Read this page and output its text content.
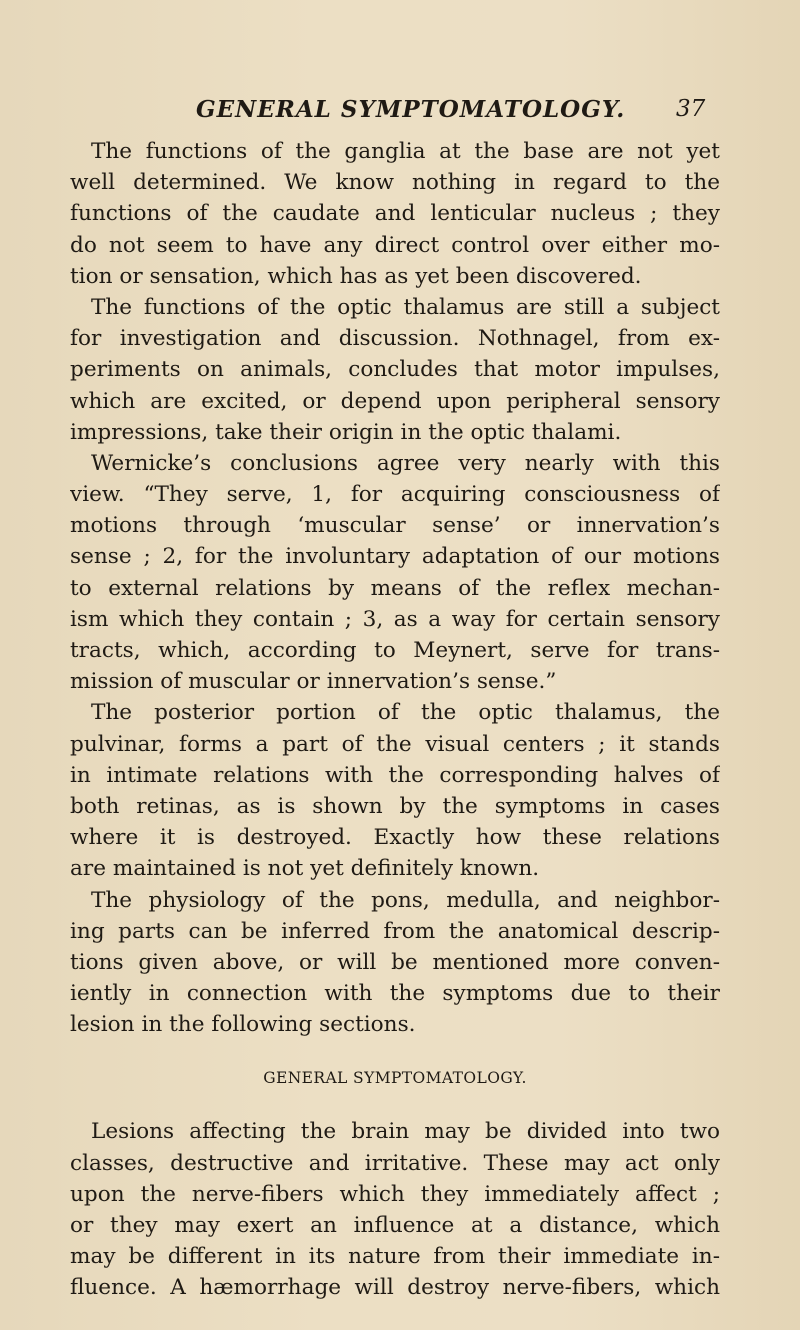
GENERAL SYMPTOMATOLOGY.	37
The functions of the ganglia at the base are not yet
well determined. We know nothing in regard to the
functions of the caudate and lenticular nucleus ; they
do not seem to have any direct control over either mo-
tion or sensation, which has as yet been discovered.
The functions of the optic thalamus are still a subject
for investigation and discussion. Nothnagel, from ex-
periments on animals, concludes that motor impulses,
which are excited, or depend upon peripheral sensory
impressions, take their origin in the optic thalami.
Wernicke’s conclusions agree very nearly with this
view. “They serve, 1, for acquiring consciousness of
motions through ‘muscular sense’ or innervation’s
sense ; 2, for the involuntary adaptation of our motions
to external relations by means of the reflex mechan-
ism which they contain ; 3, as a way for certain sensory
tracts, which, according to Meynert, serve for trans-
mission of muscular or innervation’s sense.”
The posterior portion of the optic thalamus, the
pulvinar, forms a part of the visual centers ; it stands
in intimate relations with the corresponding halves of
both retinas, as is shown by the symptoms in cases
where it is destroyed. Exactly how these relations
are maintained is not yet definitely known.
The physiology of the pons, medulla, and neighbor-
ing parts can be inferred from the anatomical descrip-
tions given above, or will be mentioned more conven-
iently in connection with the symptoms due to their
lesion in the following sections.
GENERAL SYMPTOMATOLOGY.
Lesions affecting the brain may be divided into two
classes, destructive and irritative. These may act only
upon the nerve-fibers which they immediately affect ;
or they may exert an influence at a distance, which
may be different in its nature from their immediate in-
fluence. A hæmorrhage will destroy nerve-fibers, which
